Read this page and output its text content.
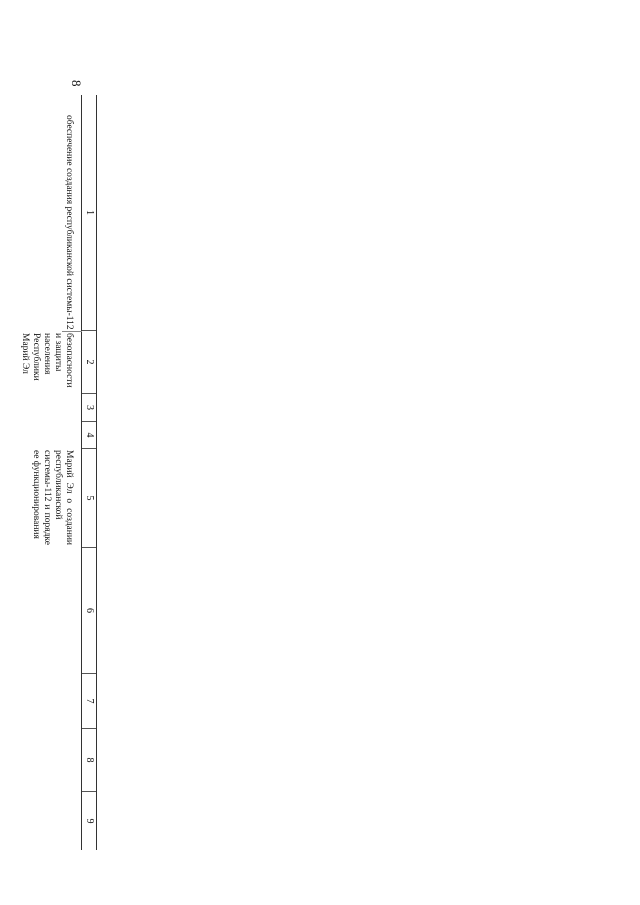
8
1
2
3
4
5
6
7
8
9
обеспечение создания республиканской системы-112
безопасности и защиты населения Республики Марий Эл
Марий Эл о создании республиканской системы-112 и порядке ее функционирования
